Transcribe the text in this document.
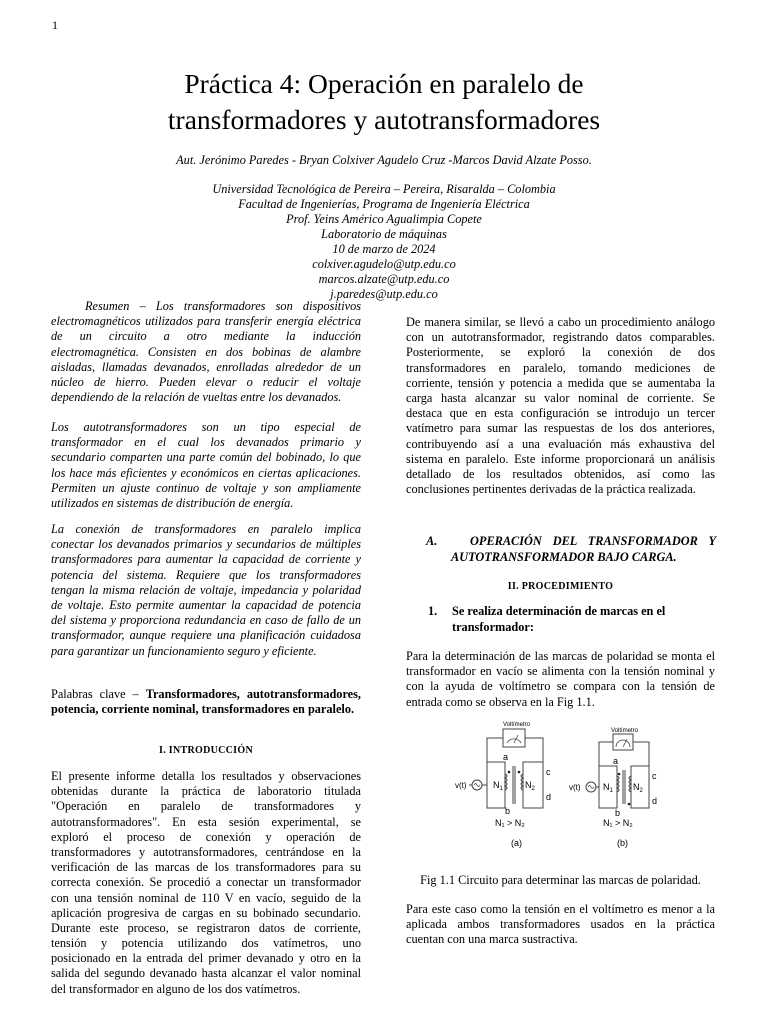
1
Práctica 4: Operación en paralelo de
transformadores y autotransformadores
Aut. Jerónimo Paredes - Bryan Colxiver Agudelo Cruz -Marcos David Alzate Posso.
Universidad Tecnológica de Pereira – Pereira, Risaralda – Colombia
Facultad de Ingenierías, Programa de Ingeniería Eléctrica
Prof. Yeins Américo Agualimpia Copete
Laboratorio de máquinas
10 de marzo de 2024
colxiver.agudelo@utp.edu.co
marcos.alzate@utp.edu.co
j.paredes@utp.edu.co
Resumen – Los transformadores son dispositivos
electromagnéticos utilizados para transferir energía eléctrica
de un circuito a otro mediante la inducción
electromagnética. Consisten en dos bobinas de alambre
aisladas, llamadas devanados, enrolladas alrededor de un
núcleo de hierro. Pueden elevar o reducir el voltaje
dependiendo de la relación de vueltas entre los devanados.
Los autotransformadores son un tipo especial de
transformador en el cual los devanados primario y
secundario comparten una parte común del bobinado, lo que
los hace más eficientes y económicos en ciertas aplicaciones.
Permiten un ajuste continuo de voltaje y son ampliamente
utilizados en sistemas de distribución de energía.
La conexión de transformadores en paralelo implica
conectar los devanados primarios y secundarios de múltiples
transformadores para aumentar la capacidad de corriente y
potencia del sistema. Requiere que los transformadores
tengan la misma relación de voltaje, impedancia y polaridad
de voltaje. Esto permite aumentar la capacidad de potencia
del sistema y proporciona redundancia en caso de fallo de un
transformador, aunque requiere una planificación cuidadosa
para garantizar un funcionamiento seguro y eficiente.
Palabras clave – Transformadores, autotransformadores,
potencia, corriente nominal, transformadores en paralelo.
I. INTRODUCCIÓN
El presente informe detalla los resultados y observaciones
obtenidas durante la práctica de laboratorio titulada
"Operación en paralelo de transformadores y
autotransformadores". En esta sesión experimental, se
exploró el proceso de conexión y operación de
transformadores y autotransformadores, centrándose en la
verificación de las marcas de los transformadores para su
correcta conexión. Se procedió a conectar un transformador
con una tensión nominal de 110 V en vacío, seguido de la
aplicación progresiva de cargas en su bobinado secundario.
Durante este proceso, se registraron datos de corriente,
tensión y potencia utilizando dos vatímetros, uno
posicionado en la entrada del primer devanado y otro en la
salida del segundo devanado hasta alcanzar el valor nominal
del transformador en alguno de los dos vatímetros.
De manera similar, se llevó a cabo un procedimiento análogo
con un autotransformador, registrando datos comparables.
Posteriormente, se exploró la conexión de dos
transformadores en paralelo, tomando mediciones de
corriente, tensión y potencia a medida que se aumentaba la
carga hasta alcanzar su valor nominal de corriente. Se
destaca que en esta configuración se introdujo un tercer
vatímetro para sumar las respuestas de los dos anteriores,
contribuyendo así a una evaluación más exhaustiva del
sistema en paralelo. Este informe proporcionará un análisis
detallado de los resultados obtenidos, así como las
conclusiones pertinentes derivadas de la práctica realizada.
A.	OPERACIÓN DEL TRANSFORMADOR Y
AUTOTRANSFORMADOR BAJO CARGA.
II. PROCEDIMIENTO
1. Se realiza determinación de marcas en el
transformador:
Para la determinación de las marcas de polaridad se monta el
transformador en vacío se alimenta con la tensión nominal y
con la ayuda de voltímetro se compara con la tensión de
entrada como se observa en la Fig 1.1.
Voltímetro
v(t)
a
b
c
d
$N_1$ $N_2$
N₁ > N₂
(a)
Voltímetro
v(t)
a
b
c
d
$N_1$ $N_2$
N₁ > N₂
(b)
Fig 1.1 Circuito para determinar las marcas de polaridad.
Para este caso como la tensión en el voltímetro es menor a la
aplicada ambos transformadores usados en la práctica
cuentan con una marca sustractiva.
